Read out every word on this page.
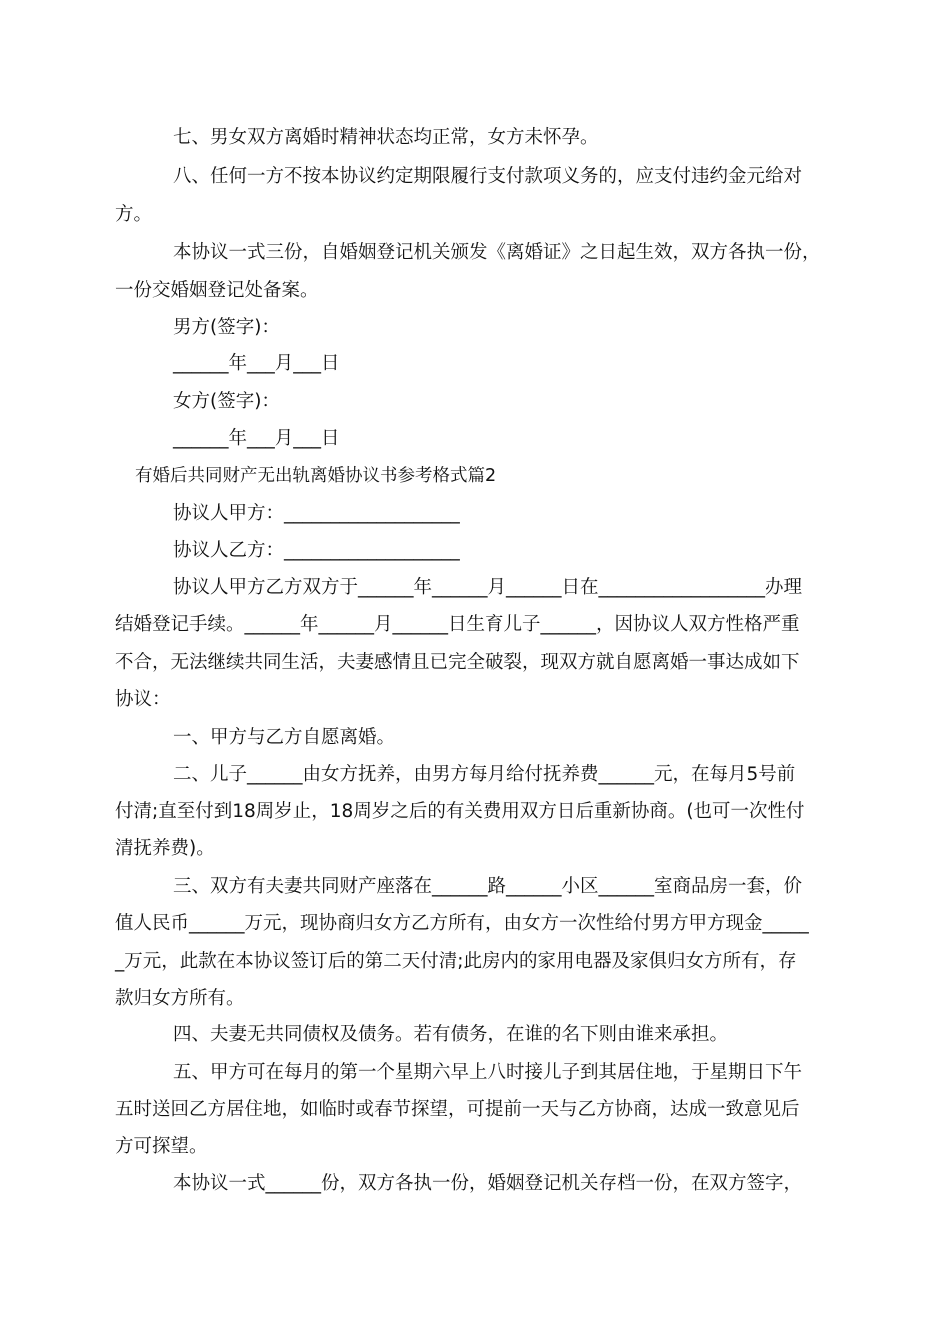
七、男女双方离婚时精神状态均正常，女方未怀孕。
八、任何一方不按本协议约定期限履行支付款项义务的，应支付违约金元给对
方。
本协议一式三份，自婚姻登记机关颁发《离婚证》之日起生效，双方各执一份，
一份交婚姻登记处备案。
男方(签字)：
______年___月___日
女方(签字)：
______年___月___日
有婚后共同财产无出轨离婚协议书参考格式篇2
协议人甲方：___________________
协议人乙方：___________________
协议人甲方乙方双方于______年______月______日在__________________办理
结婚登记手续。______年______月______日生育儿子______，因协议人双方性格严重
不合，无法继续共同生活，夫妻感情且已完全破裂，现双方就自愿离婚一事达成如下
协议：
一、甲方与乙方自愿离婚。
二、儿子______由女方抚养，由男方每月给付抚养费______元，在每月5号前
付清;直至付到18周岁止，18周岁之后的有关费用双方日后重新协商。(也可一次性付
清抚养费)。
三、双方有夫妻共同财产座落在______路______小区______室商品房一套，价
值人民币______万元，现协商归女方乙方所有，由女方一次性给付男方甲方现金_____
_万元，此款在本协议签订后的第二天付清;此房内的家用电器及家俱归女方所有，存
款归女方所有。
四、夫妻无共同债权及债务。若有债务，在谁的名下则由谁来承担。
五、甲方可在每月的第一个星期六早上八时接儿子到其居住地，于星期日下午
五时送回乙方居住地，如临时或春节探望，可提前一天与乙方协商，达成一致意见后
方可探望。
本协议一式______份，双方各执一份，婚姻登记机关存档一份，在双方签字，
